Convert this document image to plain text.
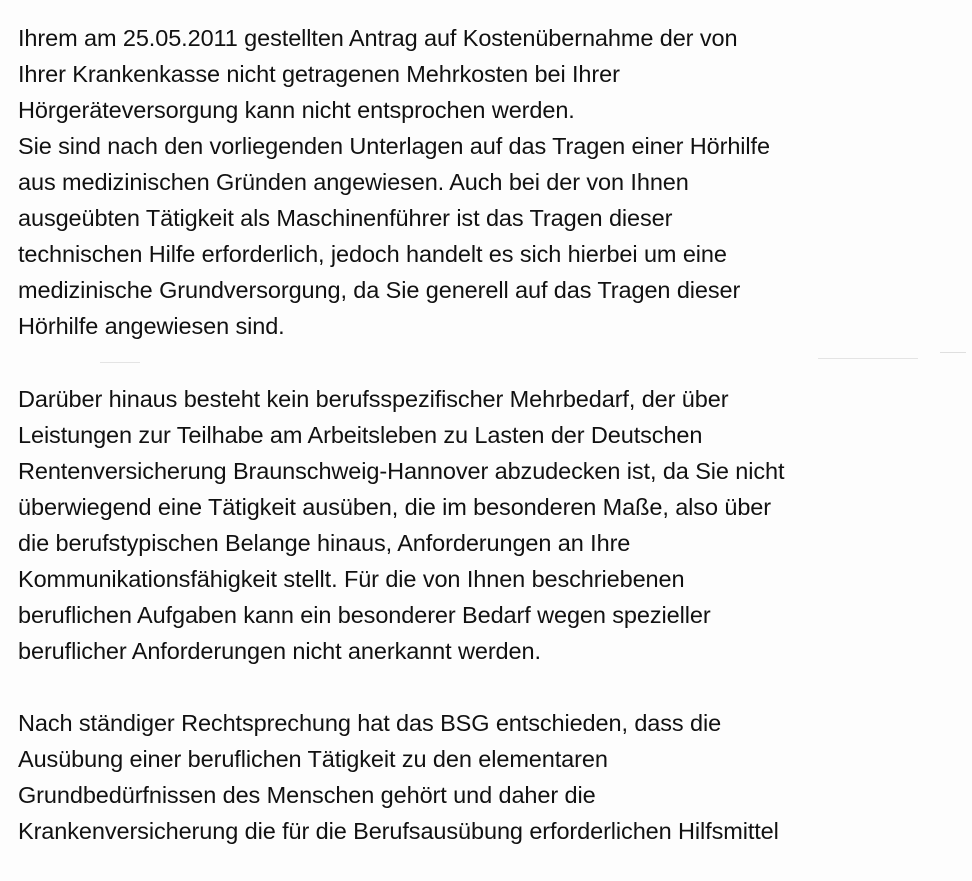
Ihrem am 25.05.2011 gestellten Antrag auf Kostenübernahme der von
Ihrer Krankenkasse nicht getragenen Mehrkosten bei Ihrer
Hörgeräteversorgung kann nicht entsprochen werden.
Sie sind nach den vorliegenden Unterlagen auf das Tragen einer Hörhilfe
aus medizinischen Gründen angewiesen. Auch bei der von Ihnen
ausgeübten Tätigkeit als Maschinenführer ist das Tragen dieser
technischen Hilfe erforderlich, jedoch handelt es sich hierbei um eine
medizinische Grundversorgung, da Sie generell auf das Tragen dieser
Hörhilfe angewiesen sind.
Darüber hinaus besteht kein berufsspezifischer Mehrbedarf, der über
Leistungen zur Teilhabe am Arbeitsleben zu Lasten der Deutschen
Rentenversicherung Braunschweig-Hannover abzudecken ist, da Sie nicht
überwiegend eine Tätigkeit ausüben, die im besonderen Maße, also über
die berufstypischen Belange hinaus, Anforderungen an Ihre
Kommunikationsfähigkeit stellt. Für die von Ihnen beschriebenen
beruflichen Aufgaben kann ein besonderer Bedarf wegen spezieller
beruflicher Anforderungen nicht anerkannt werden.
Nach ständiger Rechtsprechung hat das BSG entschieden, dass die
Ausübung einer beruflichen Tätigkeit zu den elementaren
Grundbedürfnissen des Menschen gehört und daher die
Krankenversicherung die für die Berufsausübung erforderlichen Hilfsmittel
